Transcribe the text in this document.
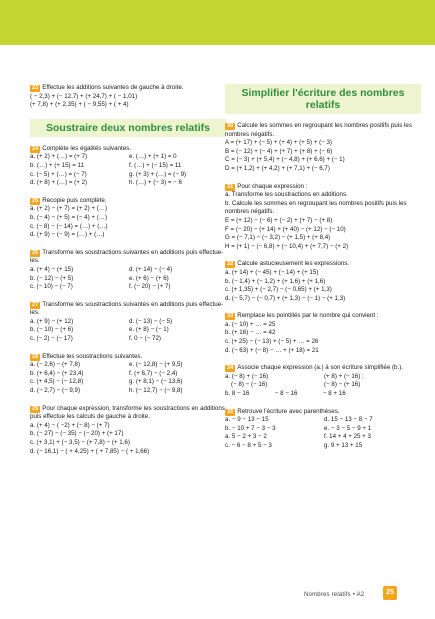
23 Effectue les additions suivantes de gauche à droite.
( − 2,3) + (− 12,7) + (+ 24,7) + ( − 1,01)
(+ 7,8) + (+ 2,35) + ( − 9,55) + ( + 4)
Soustraire deux nombres relatifs
24 Complète les égalités suivantes.
a. (+ 2) + (…) = (+ 7)	e. (…) + (+ 1) = 0
b. (…) + (+ 15) = 11	f. (…) + (− 15) = 11
c. (− 5) + (…) = (− 7)	g. (+ 3) + (…) = (− 9)
d. (+ 8) + (…) = (+ 2)	h. (…) + (− 3) = − 6
25 Recopie puis complète.
a. (+ 2) − (+ 7) = (+ 2) + (…)
b. (− 4) − (+ 5) = (− 4) + (…)
c. (− 8) − (− 14) = (…) + (…)
d. (+ 9) − (− 9) = (…) + (…)
26 Transforme les soustractions suivantes en additions puis effectue-les.
a. (+ 4) − (+ 15)	d. (+ 14) − (− 4)
b. (− 12) − (+ 5)	e. (+ 6) − (+ 6)
c. (− 10) − (− 7)	f. (− 20) − (+ 7)
27 Transforme les soustractions suivantes en additions puis effectue-les.
a. (+ 9) − (+ 12)	d. (− 13) − (− 5)
b. (− 10) − (+ 6)	e. (+ 8) − (− 1)
c. (− 2) − (− 17)	f. 0 − (− 72)
28 Effectue les soustractions suivantes.
a. (− 2,6) − (+ 7,8)	e. (− 12,8) − (+ 9,5)
b. (+ 6,4) − (+ 23,4)	f. (+ 6,7) − (− 2,4)
c. (+ 4,5) − (− 12,8)	g. (+ 8,1) − (− 13,6)
d. (− 2,7) − (− 9,9)	h. (− 12,7) − (− 9,8)
29 Pour chaque expression, transforme les soustractions en additions puis effectue les calculs de gauche à droite.
a. (+ 4) − ( −2) + (− 8) − (+ 7)
b. (− 27) − (− 35) − (− 20) + (+ 17)
c. (+ 3,1) + (− 3,5) − (+ 7,8) − (+ 1,6)
d. (− 16,1) − ( + 4,25) + ( + 7,85) − ( + 1,66)
Simplifier l'écriture des nombres relatifs
30 Calcule les sommes en regroupant les nombres positifs puis les nombres négatifs.
A = (+ 17) + (− 5) + (+ 4) + (+ 5) + (− 3)
B = (− 12) + (− 4) + (+ 7) + (+ 8) + (− 6)
C = (− 3) + (+ 5,4) + (− 4,8) + (+ 6,6) + (− 1)
D = (+ 1,2) + (+ 4,2) + (+ 7,1) + (− 6,7)
31 Pour chaque expression :
a. Transforme les soustractions en additions.
b. Calcule les sommes en regroupant les nombres positifs puis les nombres négatifs.
E = (+ 12) − (− 6) + (− 2) + (+ 7) − (+ 8)
F = (− 20) − (+ 14) + (+ 40) − (+ 12) − (− 10)
G = (− 7,1) − (− 3,2) − (+ 1,5) + (+ 8,4)
H = (+ 1) − (− 6,8) + (− 10,4) + (+ 7,7) − (+ 2)
32 Calcule astucieusement les expressions.
a. (+ 14) + (− 45) + (− 14) + (+ 15)
b. (− 1,4) + (− 1,2) + (+ 1,6) + (+ 1,6)
c. (+ 1,35) + (− 2,7) − (− 0,65) + (+ 1,3)
d. (− 5,7) − (− 0,7) + (+ 1,3) − (− 1) − (+ 1,3)
33 Remplace les pointillés par le nombre qui convient :
a. (− 10) + … = 25
b. (+ 16) − … = 42
c. (+ 25) − (− 13) + (− 5) + … = 26
d. (− 63) + (− 8) − … + (+ 18) = 21
34 Associe chaque expression (a.) à son écriture simplifiée (b.).
a. (− 8) + (− 16)	(+ 8) + (− 16) ;
(− 8) − (− 16)	(− 8) − (+ 16)
b. 8 − 16	− 8 − 16	− 8 + 16
35 Retrouve l'écriture avec parenthèses.
a. − 9 − 13 − 15	d. 15 − 13 − 8 − 7
b. − 10 + 7 − 3 − 3	e. − 3 − 5 − 9 + 1
a. 5 − 2 + 3 − 2	f. 14 + 4 + 25 + 3
c. − 6 − 8 + 5 − 3	g. 9 + 13 + 15
Nombres relatifs • A2	25
